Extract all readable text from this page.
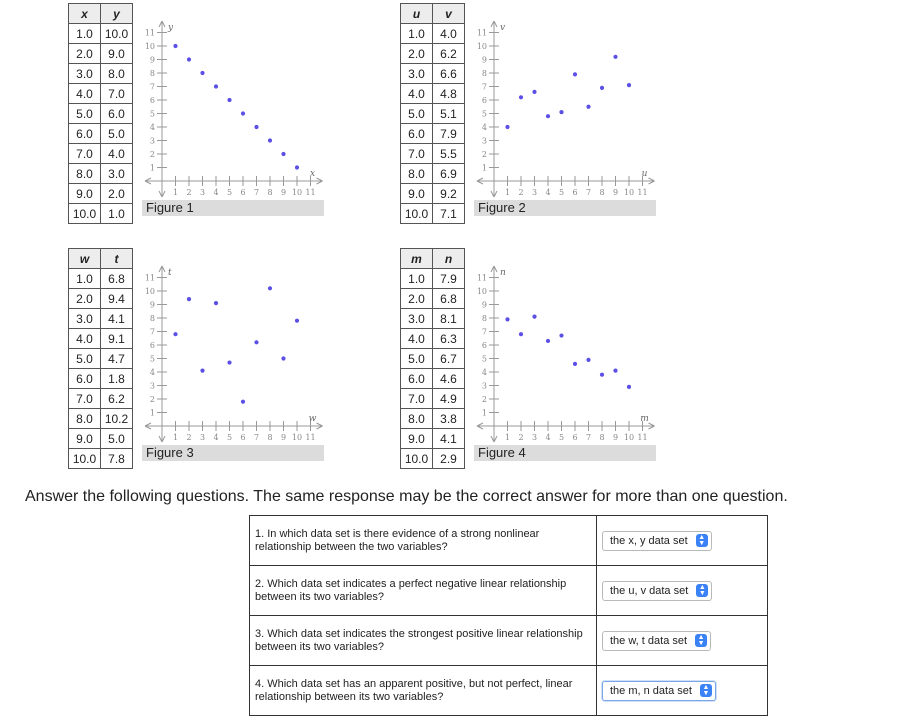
x	y
1.0	10.0
2.0	9.0
3.0	8.0
4.0	7.0
5.0	6.0
6.0	5.0
7.0	4.0
8.0	3.0
9.0	2.0
10.0	1.0
1 2 3 4 5 6 7 8 9 10 11
1
2
3
4
5
6
7
8
9
10
11
x
y
Figure 1
u	v
1.0	4.0
2.0	6.2
3.0	6.6
4.0	4.8
5.0	5.1
6.0	7.9
7.0	5.5
8.0	6.9
9.0	9.2
10.0	7.1
1 2 3 4 5 6 7 8 9 10 11
1
2
3
4
5
6
7
8
9
10
11
u
v
Figure 2
w	t
1.0	6.8
2.0	9.4
3.0	4.1
4.0	9.1
5.0	4.7
6.0	1.8
7.0	6.2
8.0	10.2
9.0	5.0
10.0	7.8
1 2 3 4 5 6 7 8 9 10 11
1
2
3
4
5
6
7
8
9
10
11
w
t
Figure 3
m	n
1.0	7.9
2.0	6.8
3.0	8.1
4.0	6.3
5.0	6.7
6.0	4.6
7.0	4.9
8.0	3.8
9.0	4.1
10.0	2.9
1 2 3 4 5 6 7 8 9 10 11
1
2
3
4
5
6
7
8
9
10
11
m
n
Figure 4
Answer the following questions. The same response may be the correct answer for more than one question.
1. In which data set is there evidence of a strong nonlinear relationship between the two variables?	the x, y data set ▲
▼

2. Which data set indicates a perfect negative linear relationship between its two variables?	the u, v data set ▲
▼

3. Which data set indicates the strongest positive linear relationship between its two variables?	the w, t data set ▲
▼

4. Which data set has an apparent positive, but not perfect, linear relationship between its two variables?	the m, n data set ▲
▼
